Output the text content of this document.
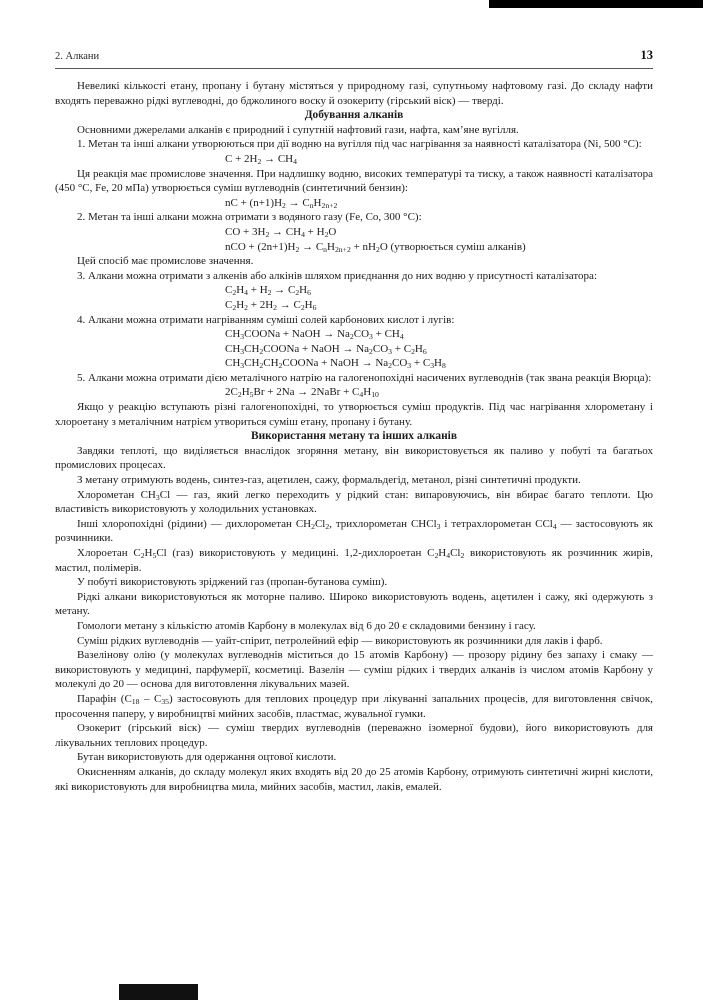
2. Алкани	13

Невеликі кількості етану, пропану і бутану містяться у природному газі, супутньому нафтовому газі. До складу нафти входять переважно рідкі вуглеводні, до бджолиного воску й озокериту (гірський віск) — тверді.

Добування алканів

Основними джерелами алканів є природний і супутній нафтовий гази, нафта, кам’яне вугілля.

1. Метан та інші алкани утворюються при дії водню на вугілля під час нагрівання за наявності каталізатора (Ni, 500 °C):

$C + 2H_2 \to CH_4$

Ця реакція має промислове значення. При надлишку водню, високих температурі та тиску, а також наявності каталізатора (450 °C, Fe, 20 мПа) утворюється суміш вуглеводнів (синтетичний бензин):

nC + $(n+1)H_2 \to C_nH_{2n+2}$

2. Метан та інші алкани можна отримати з водяного газу (Fe, Co, 300 °C):

CO + $3H_2 \to CH_4 + H_2O$
nCO + $(2n+1)H_2 \to C_nH_{2n+2} + nH_2O$ (утворюється суміш алканів)

Цей спосіб має промислове значення.

3. Алкани можна отримати з алкенів або алкінів шляхом приєднання до них водню у присутності каталізатора:

$C_2H_4 + H_2 \to C_2H_6$
$C_2H_2 + 2H_2 \to C_2H_6$

4. Алкани можна отримати нагріванням суміші солей карбонових кислот і лугів:

$CH_3COONa$ + NaOH → $Na_2CO_3 + CH_4$
$CH_3CH_2COONa$ + NaOH → $Na_2CO_3 + C_2H_6$
$CH_3CH_2CH_2COONa$ + NaOH → $Na_2CO_3 + C_3H_8$

5. Алкани можна отримати дією металічного натрію на галогенопохідні насичених вуглеводнів (так звана реакція Вюрца):

$2C_2H_5Br + 2Na$ → 2NaBr + $C_4H_{10}$

Якщо у реакцію вступають різні галогенопохідні, то утворюється суміш продуктів. Під час нагрівання хлорометану і хлороетану з металічним натрієм утвориться суміш етану, пропану і бутану.

Використання метану та інших алканів

Завдяки теплоті, що виділяється внаслідок згоряння метану, він використовується як паливо у побуті та багатьох промислових процесах.

З метану отримують водень, синтез-газ, ацетилен, сажу, формальдегід, метанол, різні синтетичні продукти.

Хлорометан $CH_3Cl$ — газ, який легко переходить у рідкий стан: випаровуючись, він вбирає багато теплоти. Цю властивість використовують у холодильних установках.

Інші хлоропохідні (рідини) — дихлорометан $CH_2Cl_2$, трихлорометан CHCl$_3$ і тетрахлорометан CCl$_4$ — застосовують як розчинники.

Хлороетан $C_2H_5Cl$ (газ) використовують у медицині. 1,2-дихлороетан $C_2H_4Cl_2$ використовують як розчинник жирів, мастил, полімерів.

У побуті використовують зріджений газ (пропан-бутанова суміш).

Рідкі алкани використовуються як моторне паливо. Широко використовують водень, ацетилен і сажу, які одержують з метану.

Гомологи метану з кількістю атомів Карбону в молекулах від 6 до 20 є складовими бензину і гасу.

Суміш рідких вуглеводнів — уайт-спірит, петролейний ефір — використовують як розчинники для лаків і фарб.

Вазелінову олію (у молекулах вуглеводнів міститься до 15 атомів Карбону) — прозору рідину без запаху і смаку — використовують у медицині, парфумерії, косметиці. Вазелін — суміш рідких і твердих алканів із числом атомів Карбону у молекулі до 20 — основа для виготовлення лікувальних мазей.

Парафін $(C_{18} - C_{35})$ застосовують для теплових процедур при лікуванні запальних процесів, для виготовлення свічок, просочення паперу, у виробництві мийних засобів, пластмас, жувальної гумки.

Озокерит (гірський віск) — суміш твердих вуглеводнів (переважно ізомерної будови), його використовують для лікувальних теплових процедур.

Бутан використовують для одержання оцтової кислоти.

Окисненням алканів, до складу молекул яких входять від 20 до 25 атомів Карбону, отримують синтетичні жирні кислоти, які використовують для виробництва мила, мийних засобів, мастил, лаків, емалей.
